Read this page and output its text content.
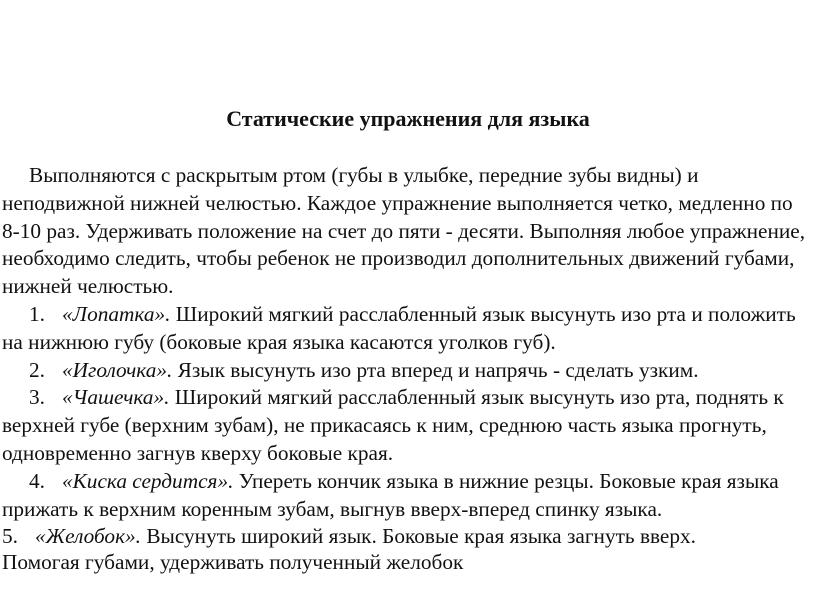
Статические упражнения для языка
Выполняются с раскрытым ртом (губы в улыбке, передние зубы видны) и неподвижной нижней челюстью. Каждое упражнение выполняется четко, медленно по 8-10 раз. Удерживать положение на счет до пяти - десяти. Выполняя любое упражнение, необходимо следить, чтобы ребенок не производил дополнительных движений губами, нижней челюстью.
1. «Лопатка». Широкий мягкий расслабленный язык высунуть изо рта и положить на нижнюю губу (боковые края языка касаются уголков губ).
2. «Иголочка». Язык высунуть изо рта вперед и напрячь - сделать узким.
3. «Чашечка». Широкий мягкий расслабленный язык высунуть изо рта, поднять к верхней губе (верхним зубам), не прикасаясь к ним, среднюю часть языка прогнуть, одновременно загнув кверху боковые края.
4. «Киска сердится». Упереть кончик языка в нижние резцы. Боковые края языка прижать к верхним коренным зубам, выгнув вверх-вперед спинку языка.
5. «Желобок». Высунуть широкий язык. Боковые края языка загнуть вверх.
Помогая губами, удерживать полученный желобок
